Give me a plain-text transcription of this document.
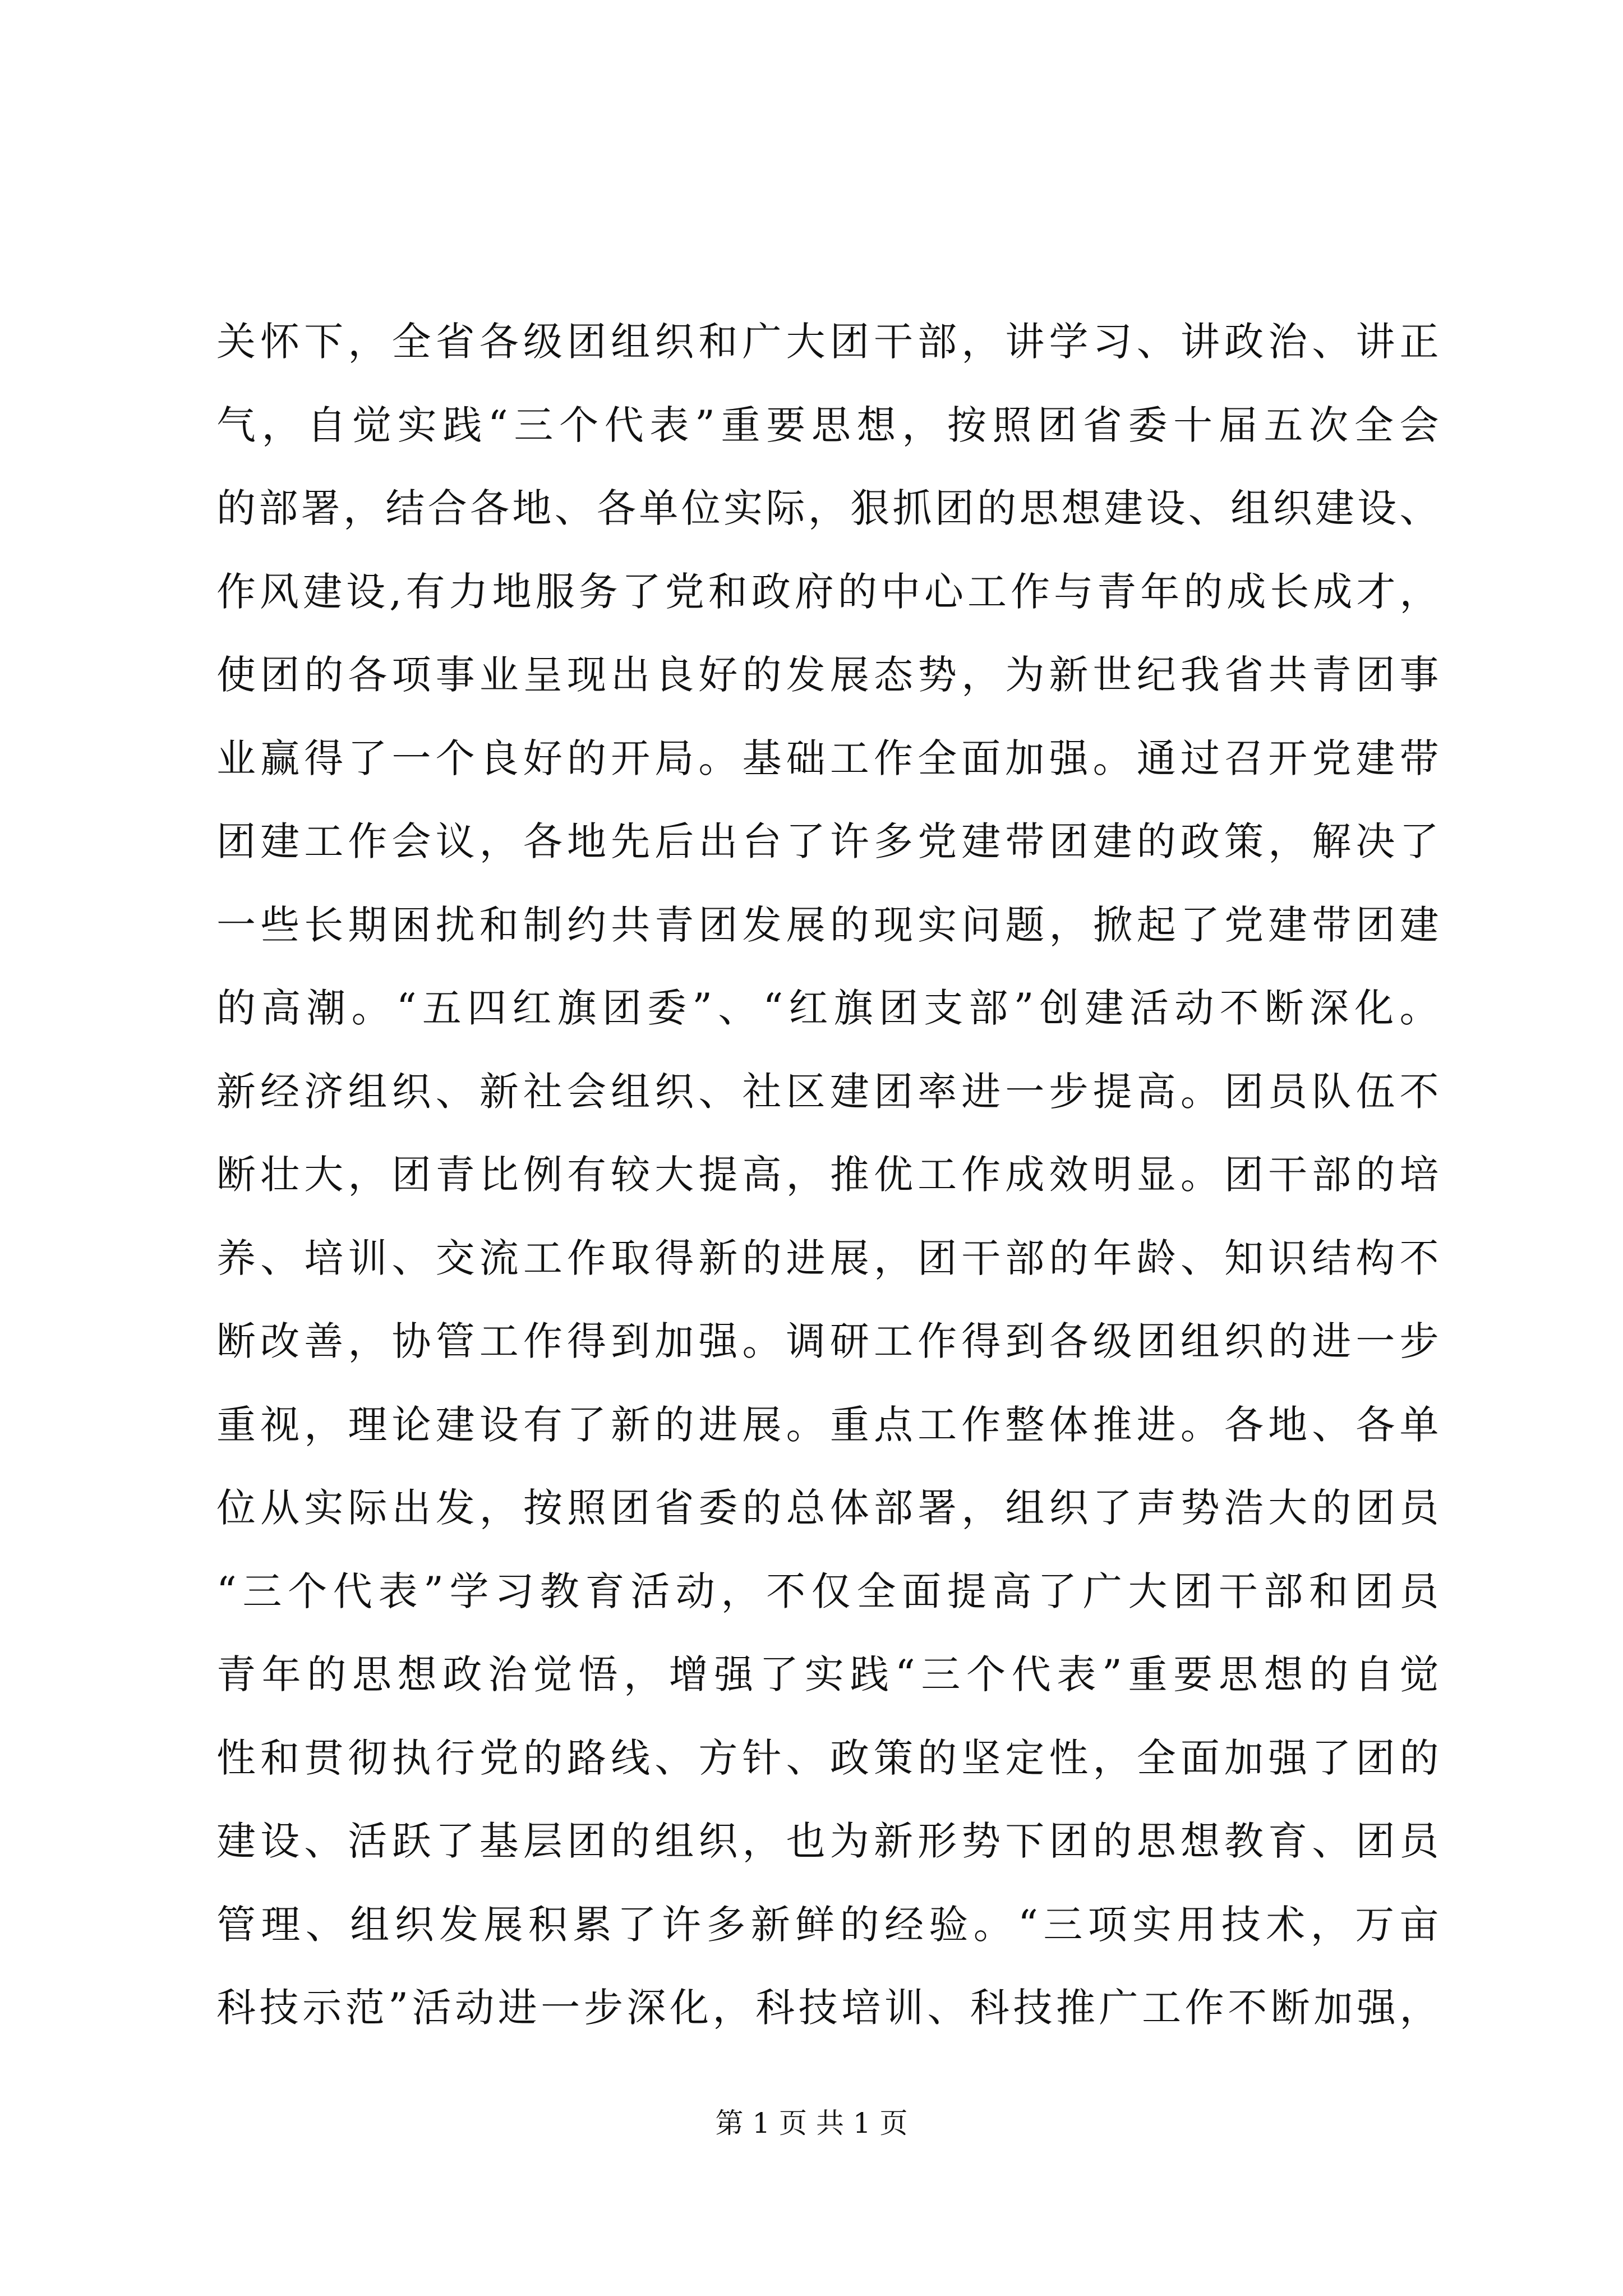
关怀下，全省各级团组织和广大团干部，讲学习、讲政治、讲正
气，自觉实践“三个代表”重要思想，按照团省委十届五次全会
的部署，结合各地、各单位实际，狠抓团的思想建设、组织建设、
作风建设,有力地服务了党和政府的中心工作与青年的成长成才，
使团的各项事业呈现出良好的发展态势，为新世纪我省共青团事
业赢得了一个良好的开局。基础工作全面加强。通过召开党建带
团建工作会议，各地先后出台了许多党建带团建的政策，解决了
一些长期困扰和制约共青团发展的现实问题，掀起了党建带团建
的高潮。“五四红旗团委”、“红旗团支部”创建活动不断深化。
新经济组织、新社会组织、社区建团率进一步提高。团员队伍不
断壮大，团青比例有较大提高，推优工作成效明显。团干部的培
养、培训、交流工作取得新的进展，团干部的年龄、知识结构不
断改善，协管工作得到加强。调研工作得到各级团组织的进一步
重视，理论建设有了新的进展。重点工作整体推进。各地、各单
位从实际出发，按照团省委的总体部署，组织了声势浩大的团员
“三个代表”学习教育活动，不仅全面提高了广大团干部和团员
青年的思想政治觉悟，增强了实践“三个代表”重要思想的自觉
性和贯彻执行党的路线、方针、政策的坚定性，全面加强了团的
建设、活跃了基层团的组织，也为新形势下团的思想教育、团员
管理、组织发展积累了许多新鲜的经验。“三项实用技术，万亩
科技示范”活动进一步深化，科技培训、科技推广工作不断加强，
第 1 页 共 1 页
